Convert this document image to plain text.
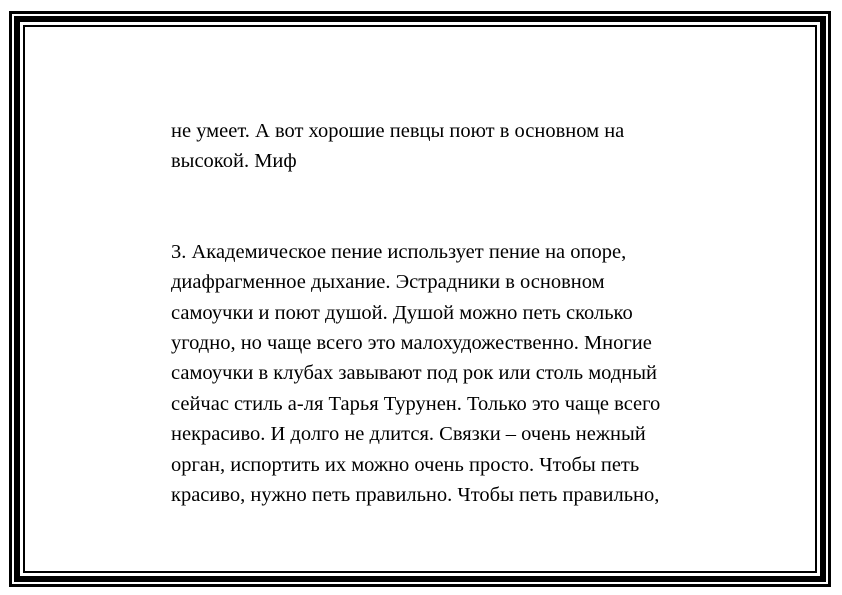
не умеет. А вот хорошие певцы поют в основном на
высокой. Миф
3. Академическое пение использует пение на опоре,
диафрагменное дыхание. Эстрадники в основном
самоучки и поют душой. Душой можно петь сколько
угодно, но чаще всего это малохудожественно. Многие
самоучки в клубах завывают под рок или столь модный
сейчас стиль а-ля Тарья Турунен. Только это чаще всего
некрасиво. И долго не длится. Связки – очень нежный
орган, испортить их можно очень просто. Чтобы петь
красиво, нужно петь правильно. Чтобы петь правильно,
